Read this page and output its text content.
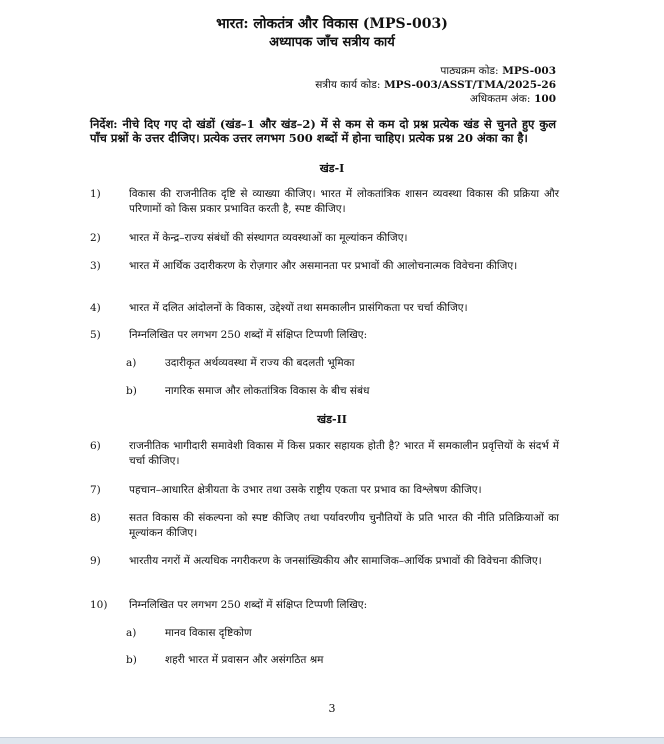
भारत: लोकतंत्र और विकास (MPS-003)
अध्यापक जाँच सत्रीय कार्य
पाठ्यक्रम कोड: MPS-003
सत्रीय कार्य कोड: MPS-003/ASST/TMA/2025-26
अधिकतम अंक: 100
निर्देश: नीचे दिए गए दो खंडों (खंड–1 और खंड–2) में से कम से कम दो प्रश्न प्रत्येक खंड से चुनते हुए कुल पाँच प्रश्नों के उत्तर दीजिए। प्रत्येक उत्तर लगभग 500 शब्दों में होना चाहिए। प्रत्येक प्रश्न 20 अंका का है।
खंड-I
1)	विकास की राजनीतिक दृष्टि से व्याख्या कीजिए। भारत में लोकतांत्रिक शासन व्यवस्था विकास की प्रक्रिया और परिणामों को किस प्रकार प्रभावित करती है, स्पष्ट कीजिए।
2)	भारत में केन्द्र–राज्य संबंधों की संस्थागत व्यवस्थाओं का मूल्यांकन कीजिए।
3)	भारत में आर्थिक उदारीकरण के रोज़गार और असमानता पर प्रभावों की आलोचनात्मक विवेचना कीजिए।
4)	भारत में दलित आंदोलनों के विकास, उद्देश्यों तथा समकालीन प्रासंगिकता पर चर्चा कीजिए।
5)	निम्नलिखित पर लगभग 250 शब्दों में संक्षिप्त टिप्पणी लिखिए:
a)	उदारीकृत अर्थव्यवस्था में राज्य की बदलती भूमिका
b)	नागरिक समाज और लोकतांत्रिक विकास के बीच संबंध
खंड-II
6)	राजनीतिक भागीदारी समावेशी विकास में किस प्रकार सहायक होती है? भारत में समकालीन प्रवृत्तियों के संदर्भ में चर्चा कीजिए।
7)	पहचान–आधारित क्षेत्रीयता के उभार तथा उसके राष्ट्रीय एकता पर प्रभाव का विश्लेषण कीजिए।
8)	सतत विकास की संकल्पना को स्पष्ट कीजिए तथा पर्यावरणीय चुनौतियों के प्रति भारत की नीति प्रतिक्रियाओं का मूल्यांकन कीजिए।
9)	भारतीय नगरों में अत्यधिक नगरीकरण के जनसांख्यिकीय और सामाजिक–आर्थिक प्रभावों की विवेचना कीजिए।
10)	निम्नलिखित पर लगभग 250 शब्दों में संक्षिप्त टिप्पणी लिखिए:
a)	मानव विकास दृष्टिकोण
b)	शहरी भारत में प्रवासन और असंगठित श्रम
3
